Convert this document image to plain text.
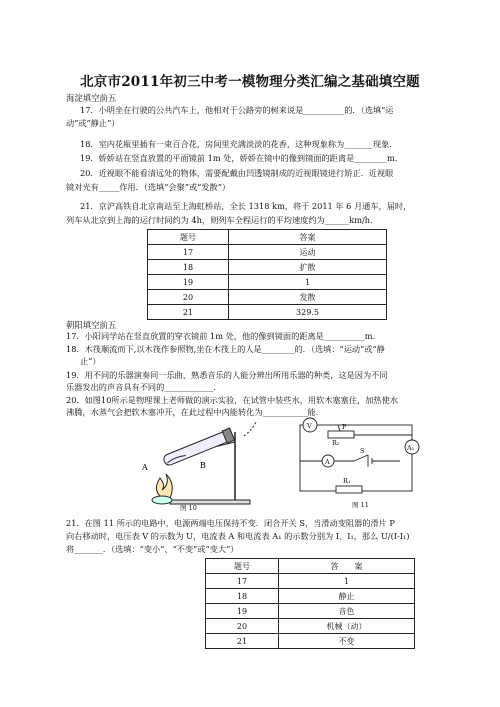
北京市2011年初三中考一模物理分类汇编之基础填空题
海淀填空前五
17．小明坐在行驶的公共汽车上，他相对于公路旁的树来说是__________的．（选填“运
动”或“静止”）
18．室内花瓶里插有一束百合花，房间里充满淡淡的花香，这种现象称为_______现象．
19．娇娇站在竖直放置的平面镜前 1m 处，娇娇在镜中的像到镜面的距离是________m．
20．近视眼不能看清远处的物体，需要配戴由凹透镜制成的近视眼镜进行矫正．近视眼
镜对光有_____作用．（选填“会聚”或“发散”）
21．京沪高铁自北京南站至上海虹桥站，全长 1318 km，将于 2011 年 6 月通车，届时，
列车从北京到上海的运行时间约为 4h，则列车全程运行的平均速度约为______km/h．
题号	答案
17	运动
18	扩散
19	1
20	发散
21	329.5
朝阳填空前五
17．小阳同学站在竖直放置的穿衣镜前 1m 处，他的像到镜面的距离是__________m．
18．木筏顺流而下,以木筏作参照物,坐在木筏上的人是________的．（选填：“运动”或“静
止”）
19．用不同的乐器演奏同一乐曲，熟悉音乐的人能分辨出所用乐器的种类，这是因为不同
乐器发出的声音具有不同的____________．
20．如图10所示是物理课上老师做的演示实验，在试管中装些水，用软木塞塞住，加热使水
沸腾，水蒸气会把软木塞冲开，在此过程中内能转化为___________能．
A	B
图 10
V
A
A₁
R₁
R₂
P
S
图 11
21．在图 11 所示的电路中，电源两端电压保持不变．闭合开关 S，当滑动变阻器的滑片 P
向右移动时，电压表 V 的示数为 U，电流表 A 和电流表 A₁ 的示数分别为 I、I₁，那么 U/(I-I₁)
将_______．（选填：“变小”、“不变”或“变大”）
题号	答　　案
17	1
18	静止
19	音色
20	机械（动）
21	不变
